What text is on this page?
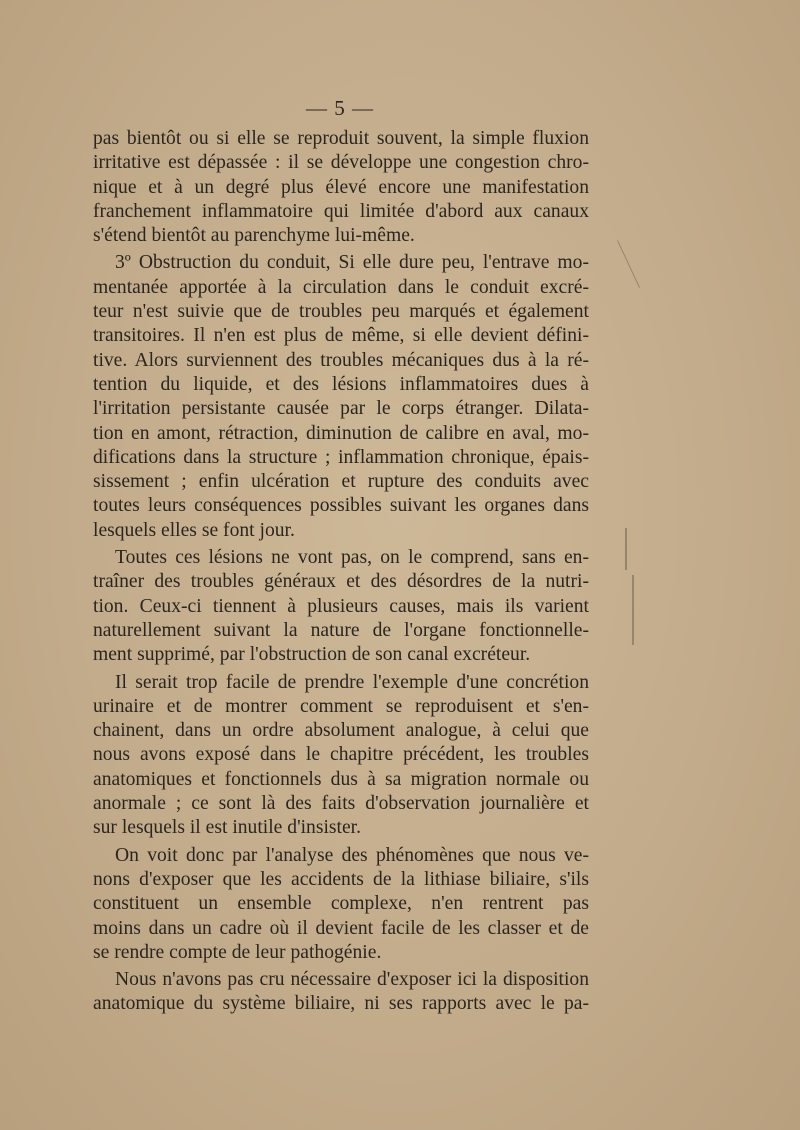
— 5 —
pas bientôt ou si elle se reproduit souvent, la simple fluxion
irritative est dépassée : il se développe une congestion chro-
nique et à un degré plus élevé encore une manifestation
franchement inflammatoire qui limitée d'abord aux canaux
s'étend bientôt au parenchyme lui-même.
3º Obstruction du conduit, Si elle dure peu, l'entrave mo-
mentanée apportée à la circulation dans le conduit excré-
teur n'est suivie que de troubles peu marqués et également
transitoires. Il n'en est plus de même, si elle devient défini-
tive. Alors surviennent des troubles mécaniques dus à la ré-
tention du liquide, et des lésions inflammatoires dues à
l'irritation persistante causée par le corps étranger. Dilata-
tion en amont, rétraction, diminution de calibre en aval, mo-
difications dans la structure ; inflammation chronique, épais-
sissement ; enfin ulcération et rupture des conduits avec
toutes leurs conséquences possibles suivant les organes dans
lesquels elles se font jour.
Toutes ces lésions ne vont pas, on le comprend, sans en-
traîner des troubles généraux et des désordres de la nutri-
tion. Ceux-ci tiennent à plusieurs causes, mais ils varient
naturellement suivant la nature de l'organe fonctionnelle-
ment supprimé, par l'obstruction de son canal excréteur.
Il serait trop facile de prendre l'exemple d'une concrétion
urinaire et de montrer comment se reproduisent et s'en-
chainent, dans un ordre absolument analogue, à celui que
nous avons exposé dans le chapitre précédent, les troubles
anatomiques et fonctionnels dus à sa migration normale ou
anormale ; ce sont là des faits d'observation journalière et
sur lesquels il est inutile d'insister.
On voit donc par l'analyse des phénomènes que nous ve-
nons d'exposer que les accidents de la lithiase biliaire, s'ils
constituent un ensemble complexe, n'en rentrent pas
moins dans un cadre où il devient facile de les classer et de
se rendre compte de leur pathogénie.
Nous n'avons pas cru nécessaire d'exposer ici la disposition
anatomique du système biliaire, ni ses rapports avec le pa-
